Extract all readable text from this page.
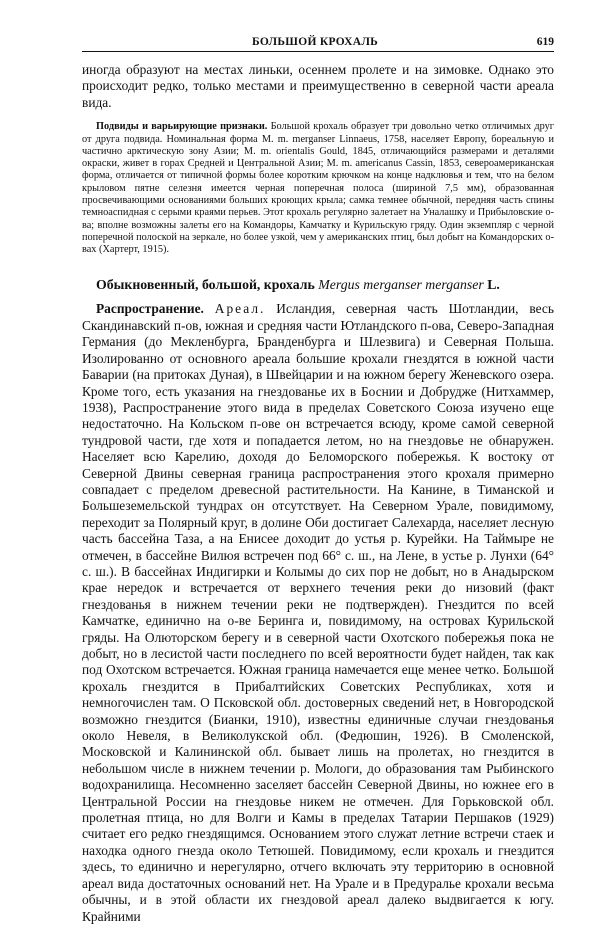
БОЛЬШОЙ КРОХАЛЬ	619

иногда образуют на местах линьки, осеннем пролете и на зимовке. Однако это происходит редко, только местами и преимущественно в северной части ареала вида.

Подвиды и варьирующие признаки. Большой крохаль образует три довольно четко отличимых друг от друга подвида. Номинальная форма M. m. merganser Linnaeus, 1758, населяет Европу, бореальную и частично арктическую зону Азии; M. m. orientalis Gould, 1845, отличающийся размерами и деталями окраски, живет в горах Средней и Центральной Азии; M. m. americanus Cassin, 1853, североамериканская форма, отличается от типичной формы более коротким крючком на конце надклювья и тем, что на белом крыловом пятне селезня имеется черная поперечная полоса (шириной 7,5 мм), образованная просвечивающими основаниями больших кроющих крыла; самка темнее обычной, передняя часть спины темноаспидная с серыми краями перьев. Этот крохаль регулярно залетает на Уналашку и Прибыловские о-ва; вполне возможны залеты его на Командоры, Камчатку и Курильскую гряду. Один экземпляр с черной поперечной полоской на зеркале, но более узкой, чем у американских птиц, был добыт на Командорских о-вах (Хартерт, 1915).

Обыкновенный, большой, крохаль Mergus merganser merganser L.

Распространение. Ареал. Исландия, северная часть Шотландии, весь Скандинавский п-ов, южная и средняя части Ютландского п-ова, Северо-Западная Германия (до Мекленбурга, Бранденбурга и Шлезвига) и Северная Польша. Изолированно от основного ареала большие крохали гнездятся в южной части Баварии (на притоках Дуная), в Швейцарии и на южном берегу Женевского озера. Кроме того, есть указания на гнездованье их в Боснии и Добрудже (Нитхаммер, 1938), Распространение этого вида в пределах Советского Союза изучено еще недостаточно. На Кольском п-ове он встречается всюду, кроме самой северной тундровой части, где хотя и попадается летом, но на гнездовье не обнаружен. Населяет всю Карелию, доходя до Беломорского побережья. К востоку от Северной Двины северная граница распространения этого крохаля примерно совпадает с пределом древесной растительности. На Канине, в Тиманской и Большеземельской тундрах он отсутствует. На Северном Урале, повидимому, переходит за Полярный круг, в долине Оби достигает Салехарда, населяет лесную часть бассейна Таза, а на Енисее доходит до устья р. Курейки. На Таймыре не отмечен, в бассейне Вилюя встречен под 66° с. ш., на Лене, в устье р. Лунхи (64° с. ш.). В бассейнах Индигирки и Колымы до сих пор не добыт, но в Анадырском крае нередок и встречается от верхнего течения реки до низовий (факт гнездованья в нижнем течении реки не подтвержден). Гнездится по всей Камчатке, единично на о-ве Беринга и, повидимому, на островах Курильской гряды. На Олюторском берегу и в северной части Охотского побережья пока не добыт, но в лесистой части последнего по всей вероятности будет найден, так как под Охотском встречается. Южная граница намечается еще менее четко. Большой крохаль гнездится в Прибалтийских Советских Республиках, хотя и немногочислен там. О Псковской обл. достоверных сведений нет, в Новгородской возможно гнездится (Бианки, 1910), известны единичные случаи гнездованья около Невеля, в Великолукской обл. (Федюшин, 1926). В Смоленской, Московской и Калининской обл. бывает лишь на пролетах, но гнездится в небольшом числе в нижнем течении р. Мологи, до образования там Рыбинского водохранилища. Несомненно заселяет бассейн Северной Двины, но южнее его в Центральной России на гнездовье никем не отмечен. Для Горьковской обл. пролетная птица, но для Волги и Камы в пределах Татарии Першаков (1929) считает его редко гнездящимся. Основанием этого служат летние встречи стаек и находка одного гнезда около Тетюшей. Повидимому, если крохаль и гнездится здесь, то единично и нерегулярно, отчего включать эту территорию в основной ареал вида достаточных оснований нет. На Урале и в Предуралье крохали весьма обычны, и в этой области их гнездовой ареал далеко выдвигается к югу. Крайними
